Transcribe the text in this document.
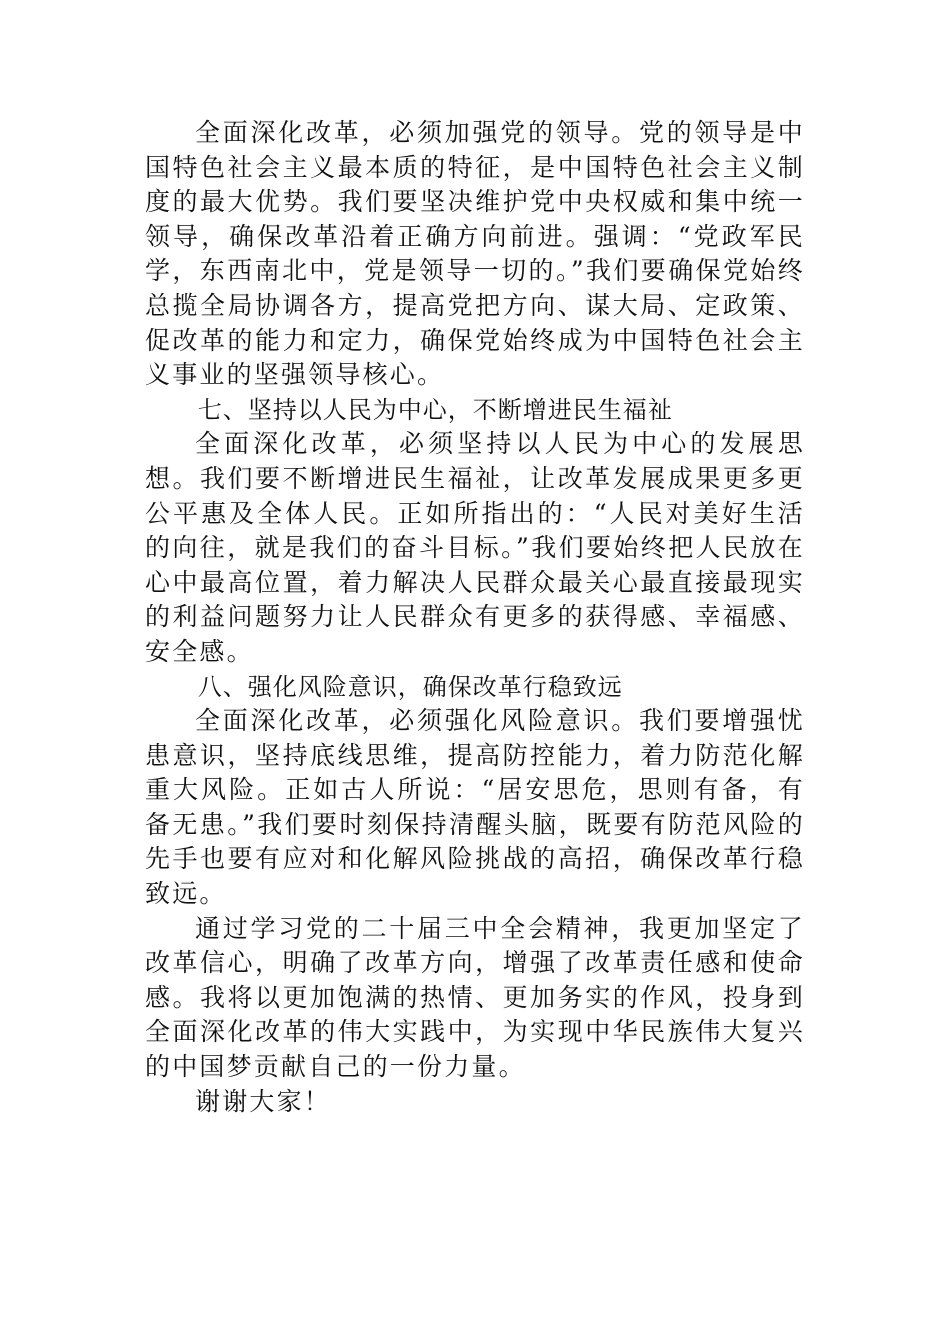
全面深化改革，必须加强党的领导。党的领导是中国特色社会主义最本质的特征，是中国特色社会主义制度的最大优势。我们要坚决维护党中央权威和集中统一领导，确保改革沿着正确方向前进。强调：“党政军民学，东西南北中，党是领导一切的。”我们要确保党始终总揽全局协调各方，提高党把方向、谋大局、定政策、促改革的能力和定力，确保党始终成为中国特色社会主义事业的坚强领导核心。

七、坚持以人民为中心，不断增进民生福祉

全面深化改革，必须坚持以人民为中心的发展思想。我们要不断增进民生福祉，让改革发展成果更多更公平惠及全体人民。正如所指出的：“人民对美好生活的向往，就是我们的奋斗目标。”我们要始终把人民放在心中最高位置，着力解决人民群众最关心最直接最现实的利益问题努力让人民群众有更多的获得感、幸福感、安全感。

八、强化风险意识，确保改革行稳致远

全面深化改革，必须强化风险意识。我们要增强忧患意识，坚持底线思维，提高防控能力，着力防范化解重大风险。正如古人所说：“居安思危，思则有备，有备无患。”我们要时刻保持清醒头脑，既要有防范风险的先手也要有应对和化解风险挑战的高招，确保改革行稳致远。

通过学习党的二十届三中全会精神，我更加坚定了改革信心，明确了改革方向，增强了改革责任感和使命感。我将以更加饱满的热情、更加务实的作风，投身到全面深化改革的伟大实践中，为实现中华民族伟大复兴的中国梦贡献自己的一份力量。

谢谢大家！
